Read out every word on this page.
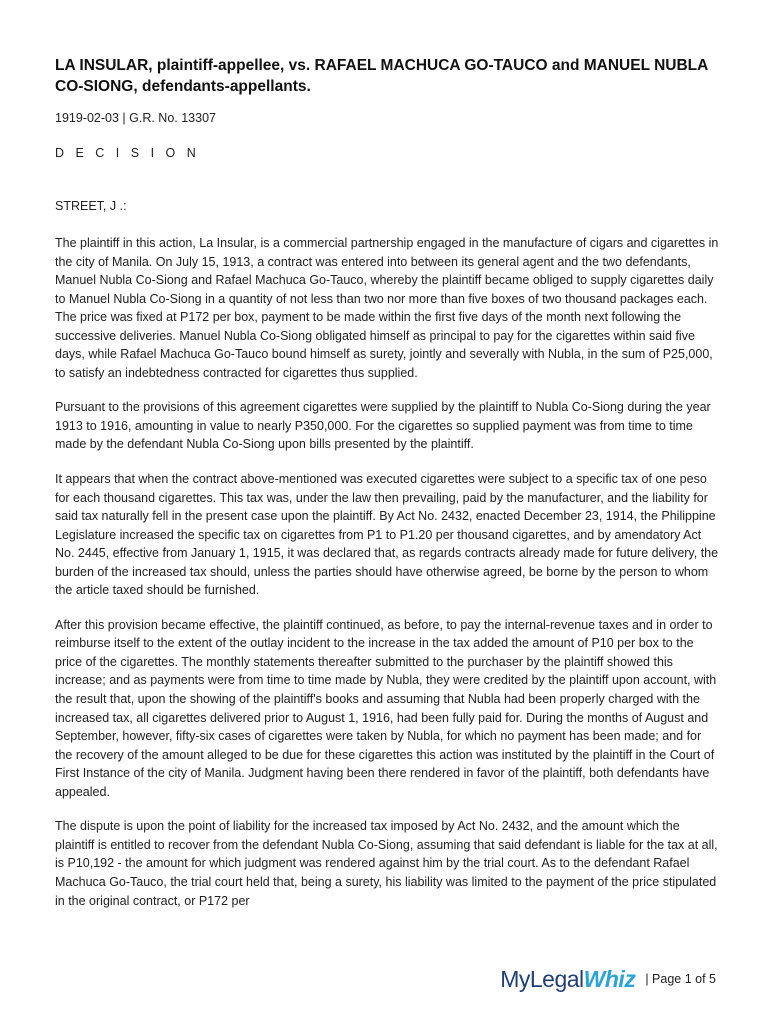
LA INSULAR, plaintiff-appellee, vs. RAFAEL MACHUCA GO-TAUCO and MANUEL NUBLA CO-SIONG, defendants-appellants.
1919-02-03 | G.R. No. 13307
D E C I S I O N
STREET, J .:

The plaintiff in this action, La Insular, is a commercial partnership engaged in the manufacture of cigars and cigarettes in the city of Manila. On July 15, 1913, a contract was entered into between its general agent and the two defendants, Manuel Nubla Co-Siong and Rafael Machuca Go-Tauco, whereby the plaintiff became obliged to supply cigarettes daily to Manuel Nubla Co-Siong in a quantity of not less than two nor more than five boxes of two thousand packages each. The price was fixed at P172 per box, payment to be made within the first five days of the month next following the successive deliveries. Manuel Nubla Co-Siong obligated himself as principal to pay for the cigarettes within said five days, while Rafael Machuca Go-Tauco bound himself as surety, jointly and severally with Nubla, in the sum of P25,000, to satisfy an indebtedness contracted for cigarettes thus supplied.

Pursuant to the provisions of this agreement cigarettes were supplied by the plaintiff to Nubla Co-Siong during the year 1913 to 1916, amounting in value to nearly P350,000. For the cigarettes so supplied payment was from time to time made by the defendant Nubla Co-Siong upon bills presented by the plaintiff.

It appears that when the contract above-mentioned was executed cigarettes were subject to a specific tax of one peso for each thousand cigarettes. This tax was, under the law then prevailing, paid by the manufacturer, and the liability for said tax naturally fell in the present case upon the plaintiff. By Act No. 2432, enacted December 23, 1914, the Philippine Legislature increased the specific tax on cigarettes from P1 to P1.20 per thousand cigarettes, and by amendatory Act No. 2445, effective from January 1, 1915, it was declared that, as regards contracts already made for future delivery, the burden of the increased tax should, unless the parties should have otherwise agreed, be borne by the person to whom the article taxed should be furnished.

After this provision became effective, the plaintiff continued, as before, to pay the internal-revenue taxes and in order to reimburse itself to the extent of the outlay incident to the increase in the tax added the amount of P10 per box to the price of the cigarettes. The monthly statements thereafter submitted to the purchaser by the plaintiff showed this increase; and as payments were from time to time made by Nubla, they were credited by the plaintiff upon account, with the result that, upon the showing of the plaintiff's books and assuming that Nubla had been properly charged with the increased tax, all cigarettes delivered prior to August 1, 1916, had been fully paid for. During the months of August and September, however, fifty-six cases of cigarettes were taken by Nubla, for which no payment has been made; and for the recovery of the amount alleged to be due for these cigarettes this action was instituted by the plaintiff in the Court of First Instance of the city of Manila. Judgment having been there rendered in favor of the plaintiff, both defendants have appealed.

The dispute is upon the point of liability for the increased tax imposed by Act No. 2432, and the amount which the plaintiff is entitled to recover from the defendant Nubla Co-Siong, assuming that said defendant is liable for the tax at all, is P10,192 - the amount for which judgment was rendered against him by the trial court. As to the defendant Rafael Machuca Go-Tauco, the trial court held that, being a surety, his liability was limited to the payment of the price stipulated in the original contract, or P172 per

MyLegalWhiz | Page 1 of 5
